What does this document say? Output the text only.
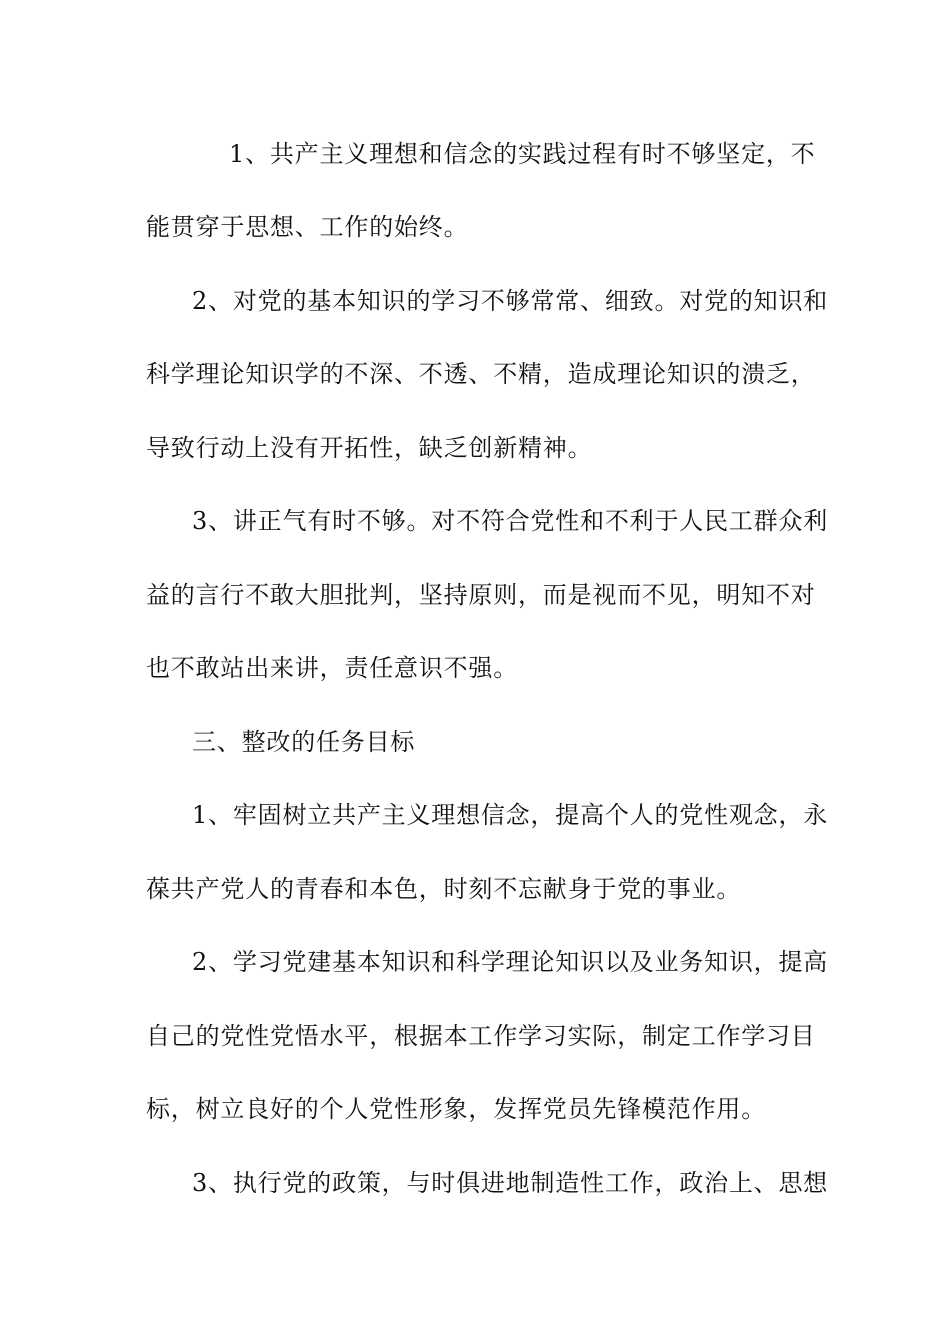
1、共产主义理想和信念的实践过程有时不够坚定，不
能贯穿于思想、工作的始终。
2、对党的基本知识的学习不够常常、细致。对党的知识和
科学理论知识学的不深、不透、不精，造成理论知识的溃乏，
导致行动上没有开拓性，缺乏创新精神。
3、讲正气有时不够。对不符合党性和不利于人民工群众利
益的言行不敢大胆批判，坚持原则，而是视而不见，明知不对
也不敢站出来讲，责任意识不强。
三、整改的任务目标
1、牢固树立共产主义理想信念，提高个人的党性观念，永
葆共产党人的青春和本色，时刻不忘献身于党的事业。
2、学习党建基本知识和科学理论知识以及业务知识，提高
自己的党性党悟水平，根据本工作学习实际，制定工作学习目
标，树立良好的个人党性形象，发挥党员先锋模范作用。
3、执行党的政策，与时俱进地制造性工作，政治上、思想
